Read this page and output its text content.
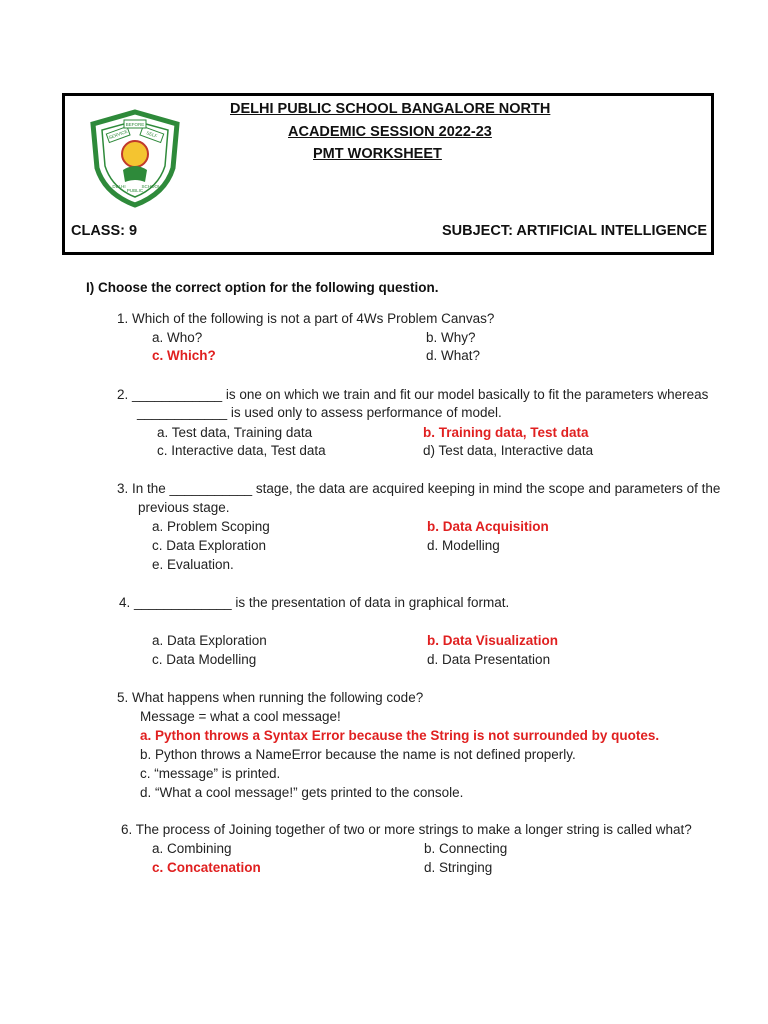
SERVICE
BEFORE
SELF
DELHI
PUBLIC
SCHOOL
DELHI PUBLIC SCHOOL BANGALORE NORTH
ACADEMIC SESSION 2022-23
PMT WORKSHEET
CLASS: 9	SUBJECT: ARTIFICIAL INTELLIGENCE
I) Choose the correct option for the following question.
1. Which of the following is not a part of 4Ws Problem Canvas?
a. Who?	b. Why?
c. Which?	d. What?
2. ____________ is one on which we train and fit our model basically to fit the parameters whereas
____________ is used only to assess performance of model.
a. Test data, Training data	b. Training data, Test data
c. Interactive data, Test data	d) Test data, Interactive data
3. In the ___________ stage, the data are acquired keeping in mind the scope and parameters of the
previous stage.
a. Problem Scoping	b. Data Acquisition
c. Data Exploration	d. Modelling
e. Evaluation.
4. _____________ is the presentation of data in graphical format.
a. Data Exploration	b. Data Visualization
c. Data Modelling	d. Data Presentation
5. What happens when running the following code?
Message = what a cool message!
a. Python throws a Syntax Error because the String is not surrounded by quotes.
b. Python throws a NameError because the name is not defined properly.
c. “message” is printed.
d. “What a cool message!” gets printed to the console.
6. The process of Joining together of two or more strings to make a longer string is called what?
a. Combining	b. Connecting
c. Concatenation	d. Stringing
